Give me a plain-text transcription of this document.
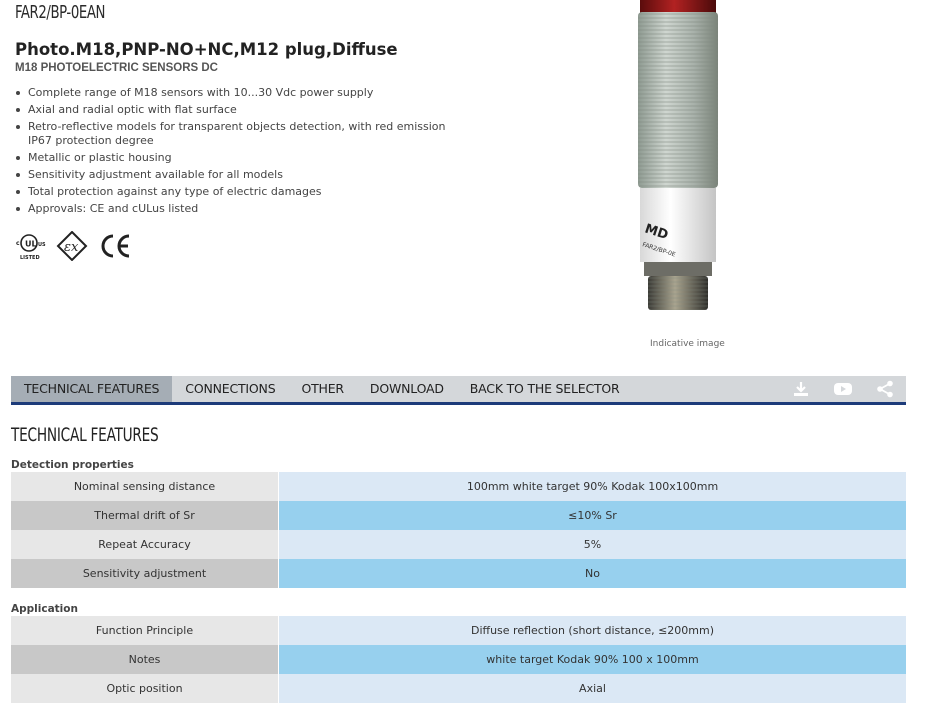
FAR2/BP-0EAN
Photo.M18,PNP-NO+NC,M12 plug,Diffuse
M18 PHOTOELECTRIC SENSORS DC
Complete range of M18 sensors with 10...30 Vdc power supply
Axial and radial optic with flat surface
Retro-reflective models for transparent objects detection, with red emission IP67 protection degree
Metallic or plastic housing
Sensitivity adjustment available for all models
Total protection against any type of electric damages
Approvals: CE and cULus listed
UL
c	US
LISTED
εx
MD
FAR2/BP-0E
Indicative image
TECHNICAL FEATURES	CONNECTIONS	OTHER	DOWNLOAD	BACK TO THE SELECTOR
TECHNICAL FEATURES
Detection properties
Nominal sensing distance	100mm white target 90% Kodak 100x100mm
Thermal drift of Sr	≤10% Sr
Repeat Accuracy	5%
Sensitivity adjustment	No
Application
Function Principle	Diffuse reflection (short distance, ≤200mm)
Notes	white target Kodak 90% 100 x 100mm
Optic position	Axial
